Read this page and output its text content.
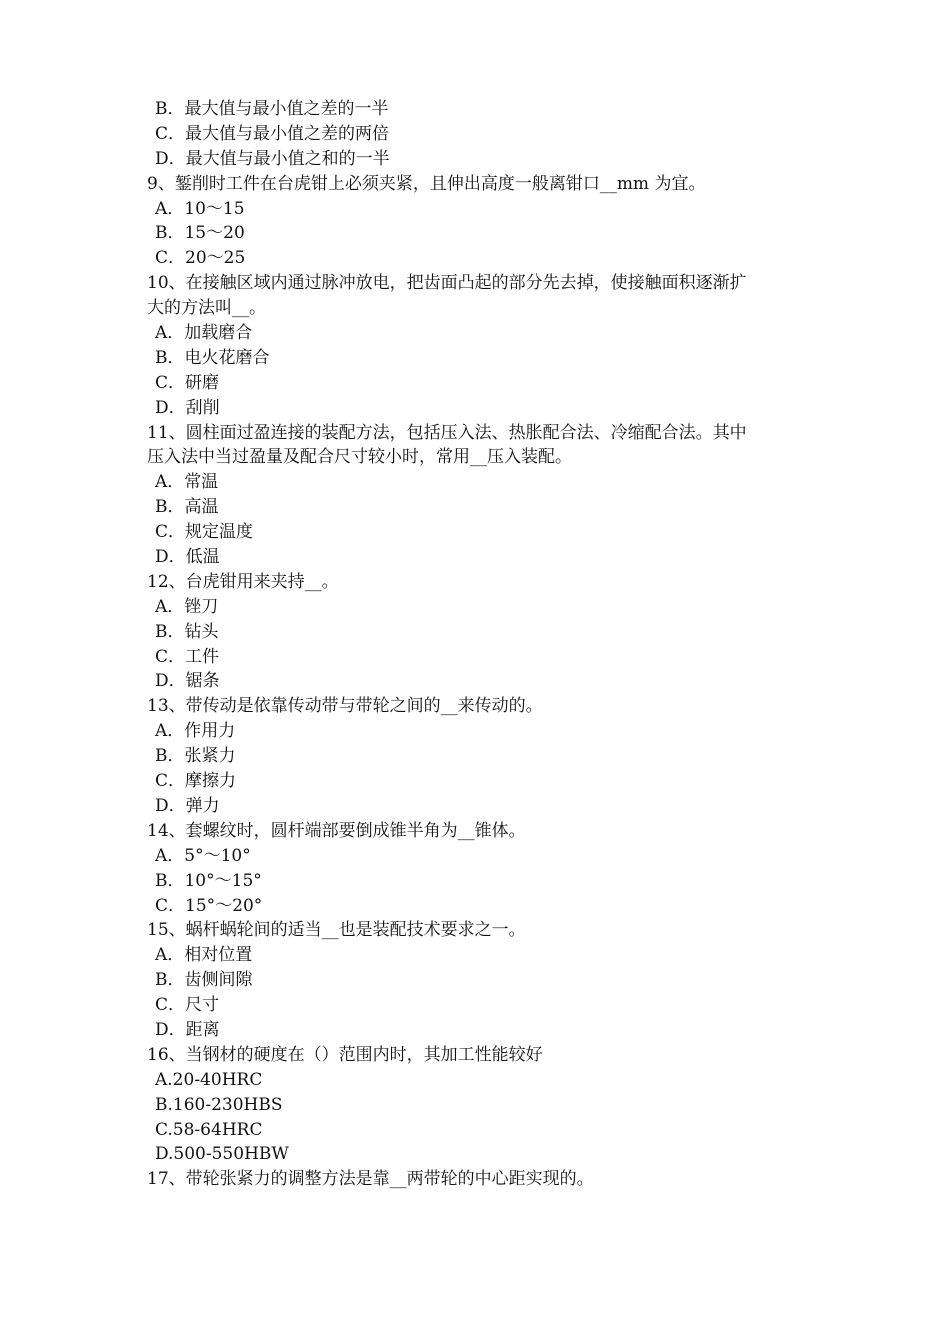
B．最大值与最小值之差的一半
C．最大值与最小值之差的两倍
D．最大值与最小值之和的一半
9、錾削时工件在台虎钳上必须夹紧，且伸出高度一般离钳口__mm 为宜。
A．10～15
B．15～20
C．20～25
10、在接触区域内通过脉冲放电，把齿面凸起的部分先去掉，使接触面积逐渐扩
大的方法叫__。
A．加载磨合
B．电火花磨合
C．研磨
D．刮削
11、圆柱面过盈连接的装配方法，包括压入法、热胀配合法、冷缩配合法。其中
压入法中当过盈量及配合尺寸较小时，常用__压入装配。
A．常温
B．高温
C．规定温度
D．低温
12、台虎钳用来夹持__。
A．锉刀
B．钻头
C．工件
D．锯条
13、带传动是依靠传动带与带轮之间的__来传动的。
A．作用力
B．张紧力
C．摩擦力
D．弹力
14、套螺纹时，圆杆端部要倒成锥半角为__锥体。
A．5°～10°
B．10°～15°
C．15°～20°
15、蜗杆蜗轮间的适当__也是装配技术要求之一。
A．相对位置
B．齿侧间隙
C．尺寸
D．距离
16、当钢材的硬度在（）范围内时，其加工性能较好
A.20-40HRC
B.160-230HBS
C.58-64HRC
D.500-550HBW
17、带轮张紧力的调整方法是靠__两带轮的中心距实现的。
